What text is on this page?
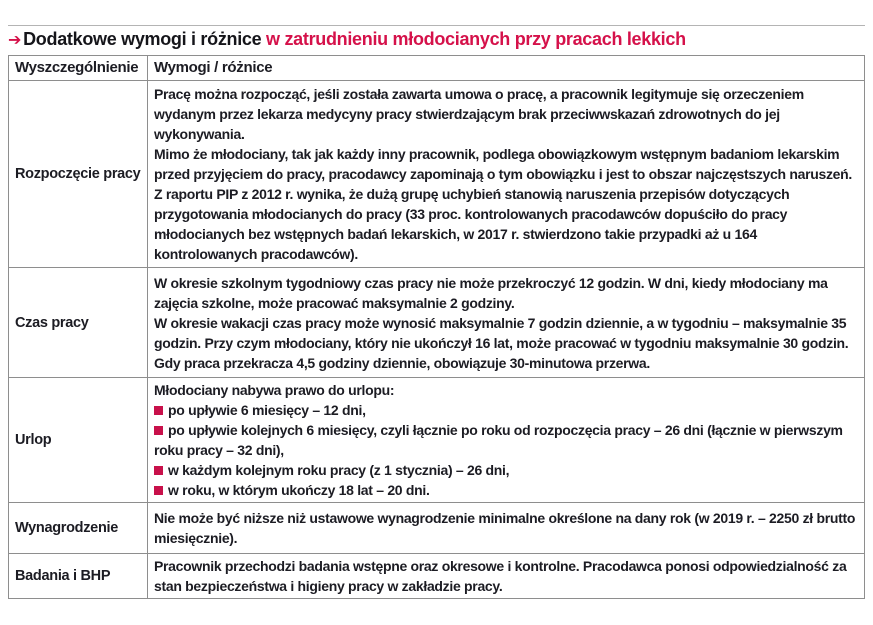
➔ Dodatkowe wymogi i różnice w zatrudnieniu młodocianych przy pracach lekkich
Wyszczególnienie	Wymogi / różnice
Rozpoczęcie pracy	Pracę można rozpocząć, jeśli została zawarta umowa o pracę, a pracownik legitymuje się orzeczeniem wydanym przez lekarza medycyny pracy stwierdzającym brak przeciwwskazań zdrowotnych do jej wykonywania.
Mimo że młodociany, tak jak każdy inny pracownik, podlega obowiązkowym wstępnym badaniom lekarskim przed przyjęciem do pracy, pracodawcy zapominają o tym obowiązku i jest to obszar najczęstszych naruszeń.
Z raportu PIP z 2012 r. wynika, że dużą grupę uchybień stanowią naruszenia przepisów dotyczących przygotowania młodocianych do pracy (33 proc. kontrolowanych pracodawców dopuściło do pracy młodocianych bez wstępnych badań lekarskich, w 2017 r. stwierdzono takie przypadki aż u 164 kontrolowanych pracodawców).

Czas pracy	W okresie szkolnym tygodniowy czas pracy nie może przekroczyć 12 godzin. W dni, kiedy młodociany ma zajęcia szkolne, może pracować maksymalnie 2 godziny.
W okresie wakacji czas pracy może wynosić maksymalnie 7 godzin dziennie, a w tygodniu – maksymalnie 35 godzin. Przy czym młodociany, który nie ukończył 16 lat, może pracować w tygodniu maksymalnie 30 godzin. Gdy praca przekracza 4,5 godziny dziennie, obowiązuje 30-minutowa przerwa.

Urlop	Młodociany nabywa prawo do urlopu:
po upływie 6 miesięcy – 12 dni,
po upływie kolejnych 6 miesięcy, czyli łącznie po roku od rozpoczęcia pracy – 26 dni (łącznie w pierwszym roku pracy – 32 dni),
w każdym kolejnym roku pracy (z 1 stycznia) – 26 dni,
w roku, w którym ukończy 18 lat – 20 dni.

Wynagrodzenie	Nie może być niższe niż ustawowe wynagrodzenie minimalne określone na dany rok (w 2019 r. – 2250 zł brutto miesięcznie).

Badania i BHP	Pracownik przechodzi badania wstępne oraz okresowe i kontrolne. Pracodawca ponosi odpowiedzialność za stan bezpieczeństwa i higieny pracy w zakładzie pracy.
